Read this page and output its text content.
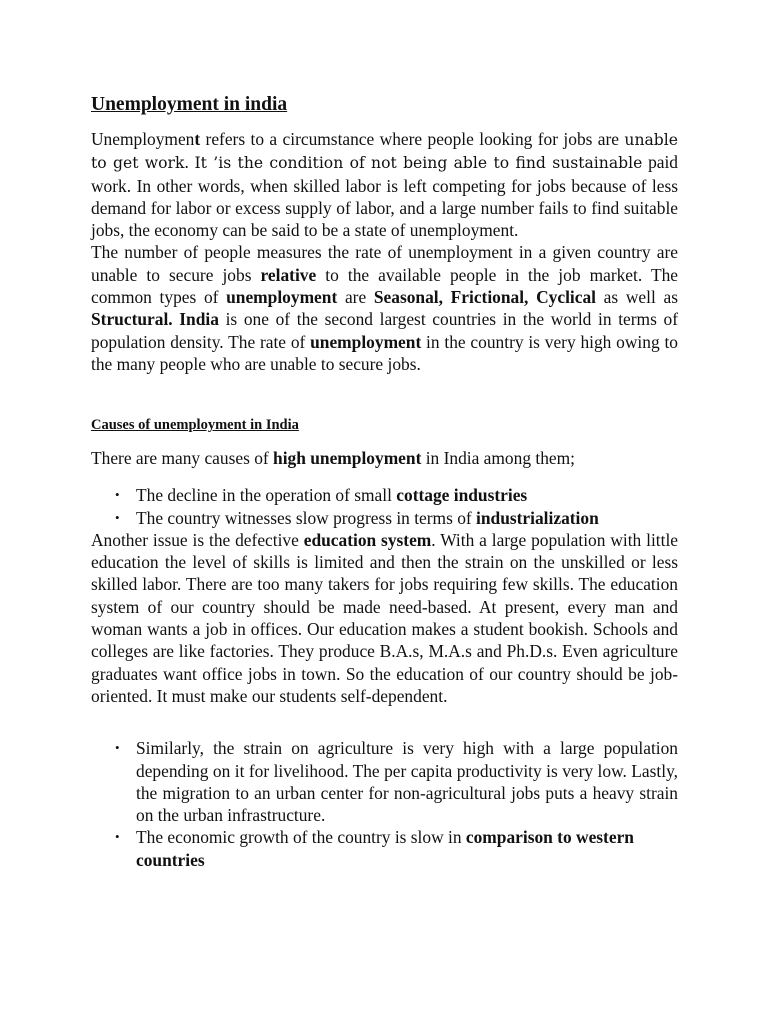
Unemployment in india

Unemployment refers to a circumstance where people looking for jobs are unable to get work. It ’is the condition of not being able to find sustainable paid work. In other words, when skilled labor is left competing for jobs because of less demand for labor or excess supply of labor, and a large number fails to find suitable jobs, the economy can be said to be a state of unemployment.

The number of people measures the rate of unemployment in a given country are unable to secure jobs relative to the available people in the job market. The common types of unemployment are Seasonal, Frictional, Cyclical as well as Structural. India is one of the second largest countries in the world in terms of population density. The rate of unemployment in the country is very high owing to the many people who are unable to secure jobs.

Causes of unemployment in India

There are many causes of high unemployment in India among them;

• The decline in the operation of small cottage industries
• The country witnesses slow progress in terms of industrialization

Another issue is the defective education system. With a large population with little education the level of skills is limited and then the strain on the unskilled or less skilled labor. There are too many takers for jobs requiring few skills. The education system of our country should be made need-based. At present, every man and woman wants a job in offices. Our education makes a student bookish. Schools and colleges are like factories. They produce B.A.s, M.A.s and Ph.D.s. Even agriculture graduates want office jobs in town. So the education of our country should be job-oriented. It must make our students self-dependent.

• Similarly, the strain on agriculture is very high with a large population depending on it for livelihood. The per capita productivity is very low. Lastly, the migration to an urban center for non-agricultural jobs puts a heavy strain on the urban infrastructure.
• The economic growth of the country is slow in comparison to western countries
